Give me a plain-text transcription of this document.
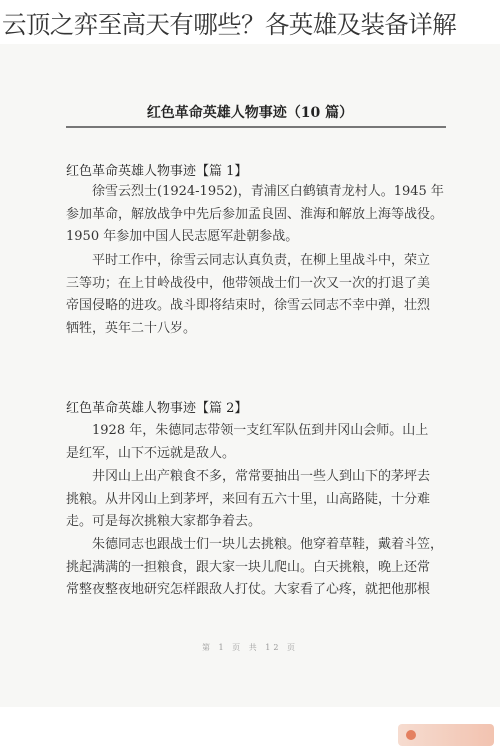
云顶之弈至高天有哪些？各英雄及装备详解
红色革命英雄人物事迹（10 篇）
红色革命英雄人物事迹【篇 1】
徐雪云烈士(1924-1952)，青浦区白鹤镇青龙村人。1945 年
参加革命，解放战争中先后参加孟良固、淮海和解放上海等战役。
1950 年参加中国人民志愿军赴朝参战。
平时工作中，徐雪云同志认真负责，在柳上里战斗中，荣立
三等功；在上甘岭战役中，他带领战士们一次又一次的打退了美
帝国侵略的进攻。战斗即将结束时，徐雪云同志不幸中弹，壮烈
牺牲，英年二十八岁。
红色革命英雄人物事迹【篇 2】
1928 年，朱德同志带领一支红军队伍到井冈山会师。山上
是红军，山下不远就是敌人。
井冈山上出产粮食不多，常常要抽出一些人到山下的茅坪去
挑粮。从井冈山上到茅坪，来回有五六十里，山高路陡，十分难
走。可是每次挑粮大家都争着去。
朱德同志也跟战士们一块儿去挑粮。他穿着草鞋，戴着斗笠，
挑起满满的一担粮食，跟大家一块儿爬山。白天挑粮，晚上还常
常整夜整夜地研究怎样跟敌人打仗。大家看了心疼，就把他那根
第 1 页 共 12 页
